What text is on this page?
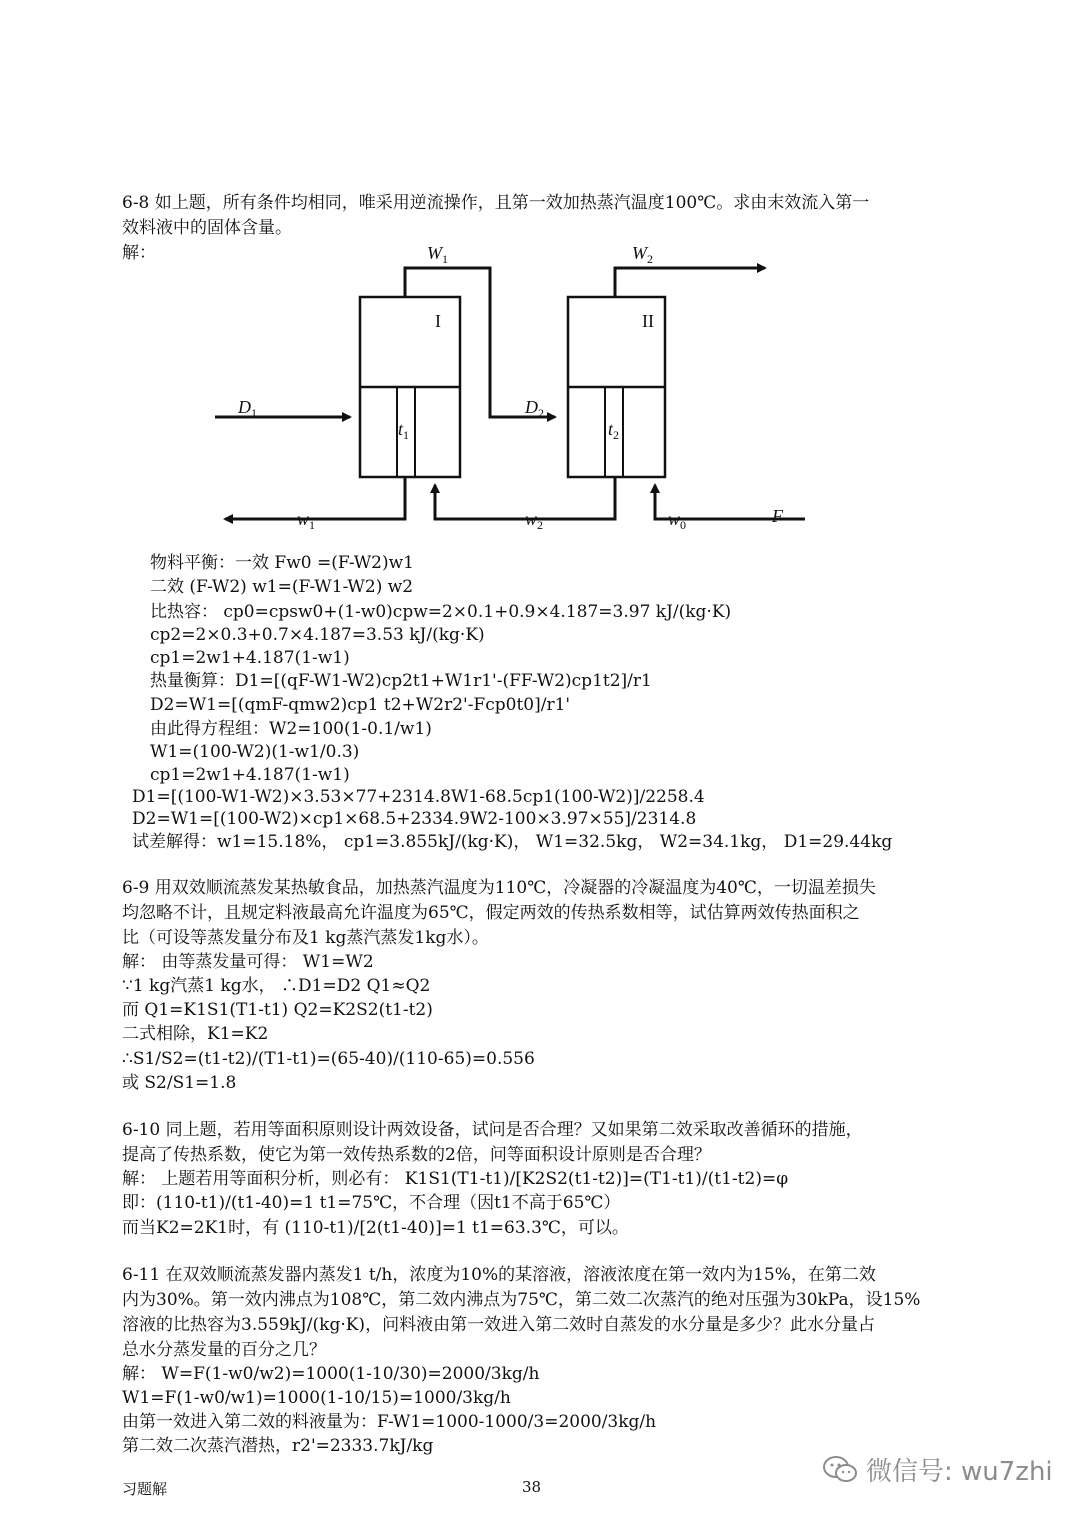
6-8 如上题，所有条件均相同，唯采用逆流操作，且第一效加热蒸汽温度100℃。求由末效流入第一
效料液中的固体含量。
解：	$W_1$	$W_2$
I	II
$D_1$	$D_2$
$t_1$	$t_2$
$w_1$	$w_2$	$w_0$	F
物料平衡：一效 Fw0 =(F-W2)w1
二效 (F-W2) w1=(F-W1-W2) w2
比热容： cp0=cpsw0+(1-w0)cpw=2×0.1+0.9×4.187=3.97 kJ/(kg·K)
cp2=2×0.3+0.7×4.187=3.53 kJ/(kg·K)
cp1=2w1+4.187(1-w1)
热量衡算：D1=[(qF-W1-W2)cp2t1+W1r1'-(FF-W2)cp1t2]/r1
D2=W1=[(qmF-qmw2)cp1 t2+W2r2'-Fcp0t0]/r1'
由此得方程组：W2=100(1-0.1/w1)
W1=(100-W2)(1-w1/0.3)
cp1=2w1+4.187(1-w1)
D1=[(100-W1-W2)×3.53×77+2314.8W1-68.5cp1(100-W2)]/2258.4
D2=W1=[(100-W2)×cp1×68.5+2334.9W2-100×3.97×55]/2314.8
试差解得：w1=15.18%， cp1=3.855kJ/(kg·K)， W1=32.5kg， W2=34.1kg， D1=29.44kg
6-9 用双效顺流蒸发某热敏食品，加热蒸汽温度为110℃，冷凝器的冷凝温度为40℃，一切温差损失
均忽略不计，且规定料液最高允许温度为65℃，假定两效的传热系数相等，试估算两效传热面积之
比（可设等蒸发量分布及1 kg蒸汽蒸发1kg水）。
解： 由等蒸发量可得： W1=W2
∵1 kg汽蒸1 kg水， ∴D1=D2 Q1≈Q2
而 Q1=K1S1(T1-t1) Q2=K2S2(t1-t2)
二式相除，K1=K2
∴S1/S2=(t1-t2)/(T1-t1)=(65-40)/(110-65)=0.556
或 S2/S1=1.8
6-10 同上题，若用等面积原则设计两效设备，试问是否合理？又如果第二效采取改善循环的措施，
提高了传热系数，使它为第一效传热系数的2倍，问等面积设计原则是否合理？
解： 上题若用等面积分析，则必有： K1S1(T1-t1)/[K2S2(t1-t2)]=(T1-t1)/(t1-t2)=φ
即：(110-t1)/(t1-40)=1 t1=75℃，不合理（因t1不高于65℃）
而当K2=2K1时，有 (110-t1)/[2(t1-40)]=1 t1=63.3℃，可以。
6-11 在双效顺流蒸发器内蒸发1 t/h，浓度为10%的某溶液，溶液浓度在第一效内为15%，在第二效
内为30%。第一效内沸点为108℃，第二效内沸点为75℃，第二效二次蒸汽的绝对压强为30kPa，设15%
溶液的比热容为3.559kJ/(kg·K)，问料液由第一效进入第二效时自蒸发的水分量是多少？此水分量占
总水分蒸发量的百分之几？
解： W=F(1-w0/w2)=1000(1-10/30)=2000/3kg/h
W1=F(1-w0/w1)=1000(1-10/15)=1000/3kg/h
由第一效进入第二效的料液量为：F-W1=1000-1000/3=2000/3kg/h
第二效二次蒸汽潜热，r2'=2333.7kJ/kg
习题解	38	微信号: wu7zhi
